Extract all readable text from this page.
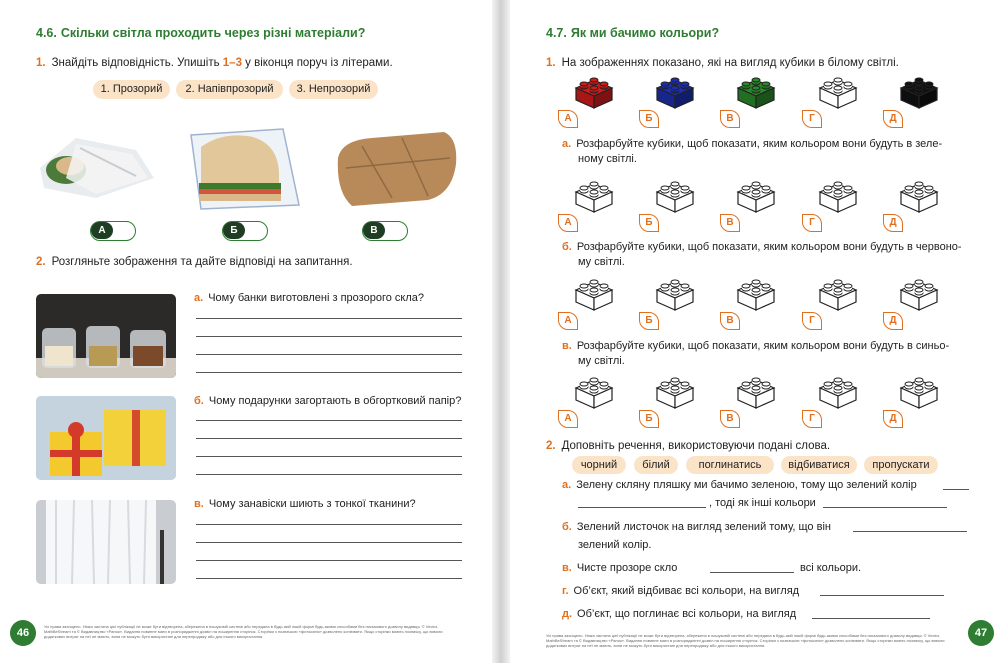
4.6. Скільки світла проходить через різні матеріали?
1. Знайдіть відповідність. Упишіть 1–3 у віконця поруч із літерами.
1. Прозорий	2. Напівпрозорий	3. Непрозорий
А	Б	В
2. Розгляньте зображення та дайте відповіді на запитання.
а. Чому банки виготовлені з прозорого скла?
б. Чому подарунки загортають в обгортковий папір?
в. Чому занавіски шиють з тонкої тканини?
46
Усі права захищено. Ніяка частина цієї публікації не може бути відтворена, збережена в пошуковій системі або передана в будь-якій іншій формі будь-якими способами без письмового дозволу видавця. © Vector, MathBeStream та © Видавництво «Ранок». Видання повинне мати в розпорядженні дозвіл на поширення сторінок. Сторінки з позначкою «фотокопія» дозволено копіювати. Якщо сторінки мають позначку, що вимоги додаткових витрат на неї не мають, вони не можуть бути використані для перепродажу або для іншого використання.
4.7. Як ми бачимо кольори?
1. На зображеннях показано, які на вигляд кубики в білому світлі.
а. Розфарбуйте кубики, щоб показати, яким кольором вони будуть в зеле-
ному світлі.
б. Розфарбуйте кубики, щоб показати, яким кольором вони будуть в червоно-
му світлі.
в. Розфарбуйте кубики, щоб показати, яким кольором вони будуть в синьо-
му світлі.
2. Доповніть речення, використовуючи подані слова.
чорний	білий	поглинатись	відбиватися	пропускати
а. Зелену скляну пляшку ми бачимо зеленою, тому що зелений колір
, тоді як інші кольори
б. Зелений листочок на вигляд зелений тому, що він
зелений колір.
в. Чисте прозоре скло	всі кольори.
г. Об’єкт, який відбиває всі кольори, на вигляд
д. Об’єкт, що поглинає всі кольори, на вигляд
47
Усі права захищено. Ніяка частина цієї публікації не може бути відтворена, збережена в пошуковій системі або передана в будь-якій іншій формі будь-якими способами без письмового дозволу видавця. © Vector, MathBeStream та © Видавництво «Ранок». Видання повинне мати в розпорядженні дозвіл на поширення сторінок. Сторінки з позначкою «фотокопія» дозволено копіювати. Якщо сторінки мають позначку, що вимоги додаткових витрат на неї не мають, вони не можуть бути використані для перепродажу або для іншого використання.
А	Б	В	Г	Д
А	Б	В	Г	Д
А	Б	В	Г	Д
А	Б	В	Г	Д
